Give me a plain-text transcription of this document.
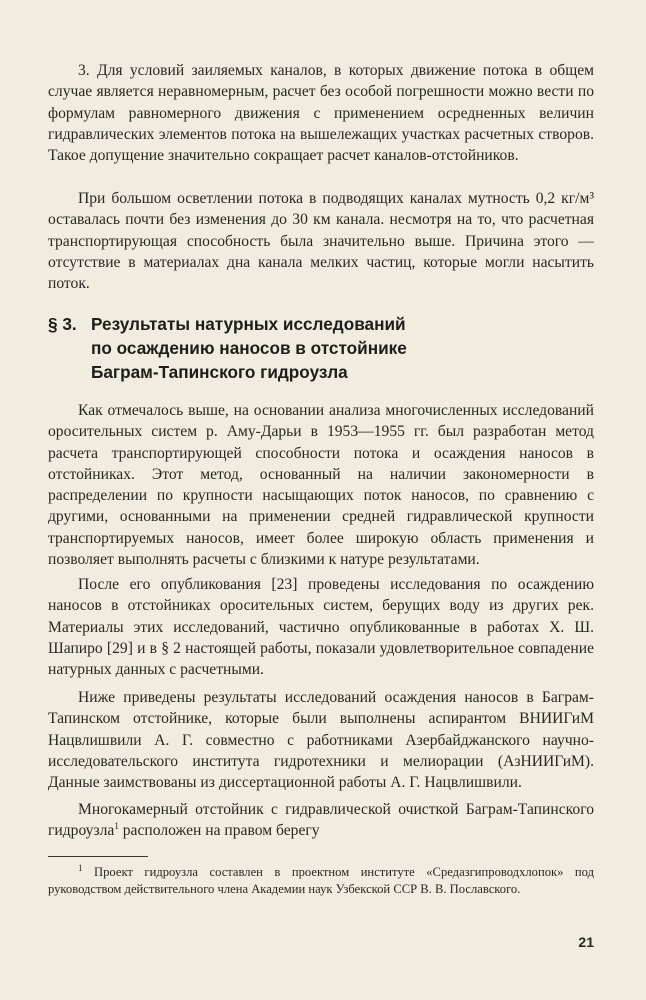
3. Для условий заиляемых каналов, в которых движение потока в общем случае является неравномерным, расчет без особой погрешности можно вести по формулам равномерного движения с применением осредненных величин гидравлических элементов потока на вышележащих участках расчетных створов. Такое допущение значительно сокращает расчет каналов-отстойников.

При большом осветлении потока в подводящих каналах мутность 0,2 кг/м³ оставалась почти без изменения до 30 км канала. несмотря на то, что расчетная транспортирующая способность была значительно выше. Причина этого — отсутствие в материалах дна канала мелких частиц, которые могли насытить поток.

§ 3. Результаты натурных исследований
по осаждению наносов в отстойнике
Баграм-Тапинского гидроузла

Как отмечалось выше, на основании анализа многочисленных исследований оросительных систем р. Аму-Дарьи в 1953—1955 гг. был разработан метод расчета транспортирующей способности потока и осаждения наносов в отстойниках. Этот метод, основанный на наличии закономерности в распределении по крупности насыщающих поток наносов, по сравнению с другими, основанными на применении средней гидравлической крупности транспортируемых наносов, имеет более широкую область применения и позволяет выполнять расчеты с близкими к натуре результатами.

После его опубликования [23] проведены исследования по осаждению наносов в отстойниках оросительных систем, берущих воду из других рек. Материалы этих исследований, частично опубликованные в работах Х. Ш. Шапиро [29] и в § 2 настоящей работы, показали удовлетворительное совпадение натурных данных с расчетными.

Ниже приведены результаты исследований осаждения наносов в Баграм-Тапинском отстойнике, которые были выполнены аспирантом ВНИИГиМ Нацвлишвили А. Г. совместно с работниками Азербайджанского научно-исследовательского института гидротехники и мелиорации (АзНИИГиМ). Данные заимствованы из диссертационной работы А. Г. Нацвлишвили.

Многокамерный отстойник с гидравлической очисткой Баграм-Тапинского гидроузла$^1$ расположен на правом берегу

$^1$ Проект гидроузла составлен в проектном институте «Средазгипроводхлопок» под руководством действительного члена Академии наук Узбекской ССР В. В. Пославского.

21
